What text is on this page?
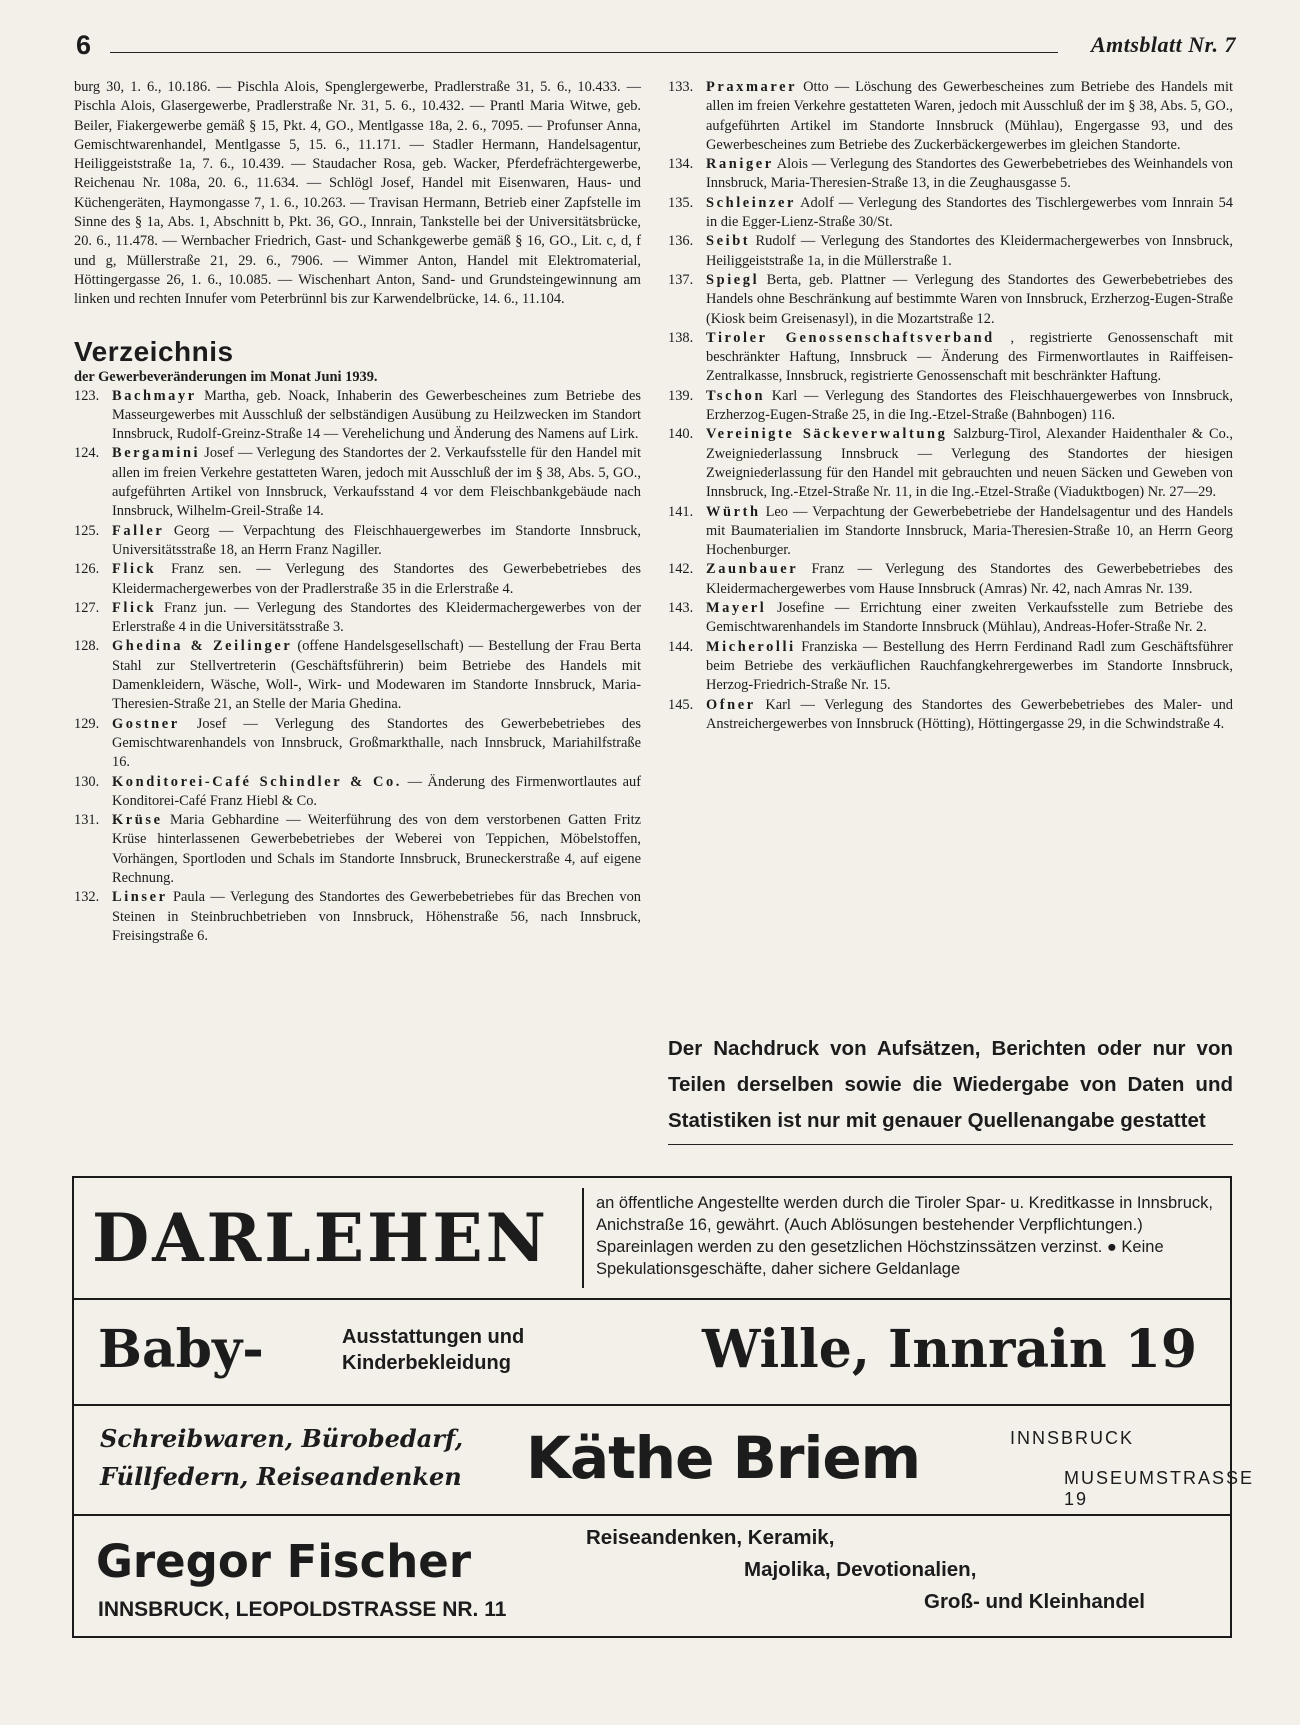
6	Amtsblatt Nr. 7

burg 30, 1. 6., 10.186. — Pischla Alois, Spenglergewerbe, Pradlerstraße 31, 5. 6., 10.433. — Pischla Alois, Glasergewerbe, Pradlerstraße Nr. 31, 5. 6., 10.432. — Prantl Maria Witwe, geb. Beiler, Fiakergewerbe gemäß § 15, Pkt. 4, GO., Mentlgasse 18a, 2. 6., 7095. — Profunser Anna, Gemischtwarenhandel, Mentlgasse 5, 15. 6., 11.171. — Stadler Hermann, Handelsagentur, Heiliggeiststraße 1a, 7. 6., 10.439. — Staudacher Rosa, geb. Wacker, Pferdefrächtergewerbe, Reichenau Nr. 108a, 20. 6., 11.634. — Schlögl Josef, Handel mit Eisenwaren, Haus- und Küchengeräten, Haymongasse 7, 1. 6., 10.263. — Travisan Hermann, Betrieb einer Zapfstelle im Sinne des § 1a, Abs. 1, Abschnitt b, Pkt. 36, GO., Innrain, Tankstelle bei der Universitätsbrücke, 20. 6., 11.478. — Wernbacher Friedrich, Gast- und Schankgewerbe gemäß § 16, GO., Lit. c, d, f und g, Müllerstraße 21, 29. 6., 7906. — Wimmer Anton, Handel mit Elektromaterial, Höttingergasse 26, 1. 6., 10.085. — Wischenhart Anton, Sand- und Grundsteingewinnung am linken und rechten Innufer vom Peterbrünnl bis zur Karwendelbrücke, 14. 6., 11.104.

Verzeichnis
der Gewerbeveränderungen im Monat Juni 1939.
123. Bachmayr Martha, geb. Noack, Inhaberin des Gewerbescheines zum Betriebe des Masseurgewerbes mit Ausschluß der selbständigen Ausübung zu Heilzwecken im Standort Innsbruck, Rudolf-Greinz-Straße 14 — Verehelichung und Änderung des Namens auf Lirk.
124. Bergamini Josef — Verlegung des Standortes der 2. Verkaufsstelle für den Handel mit allen im freien Verkehre gestatteten Waren, jedoch mit Ausschluß der im § 38, Abs. 5, GO., aufgeführten Artikel von Innsbruck, Verkaufsstand 4 vor dem Fleischbankgebäude nach Innsbruck, Wilhelm-Greil-Straße 14.
125. Faller Georg — Verpachtung des Fleischhauergewerbes im Standorte Innsbruck, Universitätsstraße 18, an Herrn Franz Nagiller.
126. Flick Franz sen. — Verlegung des Standortes des Gewerbebetriebes des Kleidermachergewerbes von der Pradlerstraße 35 in die Erlerstraße 4.
127. Flick Franz jun. — Verlegung des Standortes des Kleidermachergewerbes von der Erlerstraße 4 in die Universitätsstraße 3.
128. Ghedina & Zeilinger (offene Handelsgesellschaft) — Bestellung der Frau Berta Stahl zur Stellvertreterin (Geschäftsführerin) beim Betriebe des Handels mit Damenkleidern, Wäsche, Woll-, Wirk- und Modewaren im Standorte Innsbruck, Maria-Theresien-Straße 21, an Stelle der Maria Ghedina.
129. Gostner Josef — Verlegung des Standortes des Gewerbebetriebes des Gemischtwarenhandels von Innsbruck, Großmarkthalle, nach Innsbruck, Mariahilfstraße 16.
130. Konditorei-Café Schindler & Co. — Änderung des Firmenwortlautes auf Konditorei-Café Franz Hiebl & Co.
131. Krüse Maria Gebhardine — Weiterführung des von dem verstorbenen Gatten Fritz Krüse hinterlassenen Gewerbebetriebes der Weberei von Teppichen, Möbelstoffen, Vorhängen, Sportloden und Schals im Standorte Innsbruck, Bruneckerstraße 4, auf eigene Rechnung.
132. Linser Paula — Verlegung des Standortes des Gewerbebetriebes für das Brechen von Steinen in Steinbruchbetrieben von Innsbruck, Höhenstraße 56, nach Innsbruck, Freisingstraße 6.
133. Praxmarer Otto — Löschung des Gewerbescheines zum Betriebe des Handels mit allen im freien Verkehre gestatteten Waren, jedoch mit Ausschluß der im § 38, Abs. 5, GO., aufgeführten Artikel im Standorte Innsbruck (Mühlau), Engergasse 93, und des Gewerbescheines zum Betriebe des Zuckerbäckergewerbes im gleichen Standorte.
134. Raniger Alois — Verlegung des Standortes des Gewerbebetriebes des Weinhandels von Innsbruck, Maria-Theresien-Straße 13, in die Zeughausgasse 5.
135. Schleinzer Adolf — Verlegung des Standortes des Tischlergewerbes vom Innrain 54 in die Egger-Lienz-Straße 30/St.
136. Seibt Rudolf — Verlegung des Standortes des Kleidermachergewerbes von Innsbruck, Heiliggeiststraße 1a, in die Müllerstraße 1.
137. Spiegl Berta, geb. Plattner — Verlegung des Standortes des Gewerbebetriebes des Handels ohne Beschränkung auf bestimmte Waren von Innsbruck, Erzherzog-Eugen-Straße (Kiosk beim Greisenasyl), in die Mozartstraße 12.
138. Tiroler Genossenschaftsverband , registrierte Genossenschaft mit beschränkter Haftung, Innsbruck — Änderung des Firmenwortlautes in Raiffeisen-Zentralkasse, Innsbruck, registrierte Genossenschaft mit beschränkter Haftung.
139. Tschon Karl — Verlegung des Standortes des Fleischhauergewerbes von Innsbruck, Erzherzog-Eugen-Straße 25, in die Ing.-Etzel-Straße (Bahnbogen) 116.
140. Vereinigte Säckeverwaltung Salzburg-Tirol, Alexander Haidenthaler & Co., Zweigniederlassung Innsbruck — Verlegung des Standortes der hiesigen Zweigniederlassung für den Handel mit gebrauchten und neuen Säcken und Geweben von Innsbruck, Ing.-Etzel-Straße Nr. 11, in die Ing.-Etzel-Straße (Viaduktbogen) Nr. 27—29.
141. Würth Leo — Verpachtung der Gewerbebetriebe der Handelsagentur und des Handels mit Baumaterialien im Standorte Innsbruck, Maria-Theresien-Straße 10, an Herrn Georg Hochenburger.
142. Zaunbauer Franz — Verlegung des Standortes des Gewerbebetriebes des Kleidermachergewerbes vom Hause Innsbruck (Amras) Nr. 42, nach Amras Nr. 139.
143. Mayerl Josefine — Errichtung einer zweiten Verkaufsstelle zum Betriebe des Gemischtwarenhandels im Standorte Innsbruck (Mühlau), Andreas-Hofer-Straße Nr. 2.
144. Micherolli Franziska — Bestellung des Herrn Ferdinand Radl zum Geschäftsführer beim Betriebe des verkäuflichen Rauchfangkehrergewerbes im Standorte Innsbruck, Herzog-Friedrich-Straße Nr. 15.
145. Ofner Karl — Verlegung des Standortes des Gewerbebetriebes des Maler- und Anstreichergewerbes von Innsbruck (Hötting), Höttingergasse 29, in die Schwindstraße 4.
Der Nachdruck von Aufsätzen, Berichten oder nur von Teilen derselben sowie die Wiedergabe von Daten und Statistiken ist nur mit genauer Quellenangabe gestattet
DARLEHEN	an öffentliche Angestellte werden durch die Tiroler Spar- u. Kreditkasse in Innsbruck, Anichstraße 16, gewährt. (Auch Ablösungen bestehender Verpflichtungen.) Spareinlagen werden zu den gesetzlichen Höchstzinssätzen verzinst. ● Keine Spekulationsgeschäfte, daher sichere Geldanlage
Baby-	Ausstattungen und
Kinderbekleidung	Wille, Innrain 19
Schreibwaren, Bürobedarf,
Füllfedern, Reiseandenken Käthe Briem	INNSBRUCK
MUSEUMSTRASSE 19
Gregor Fischer
INNSBRUCK, LEOPOLDSTRASSE NR. 11
Reiseandenken, Keramik,
Majolika, Devotionalien,
Groß- und Kleinhandel
